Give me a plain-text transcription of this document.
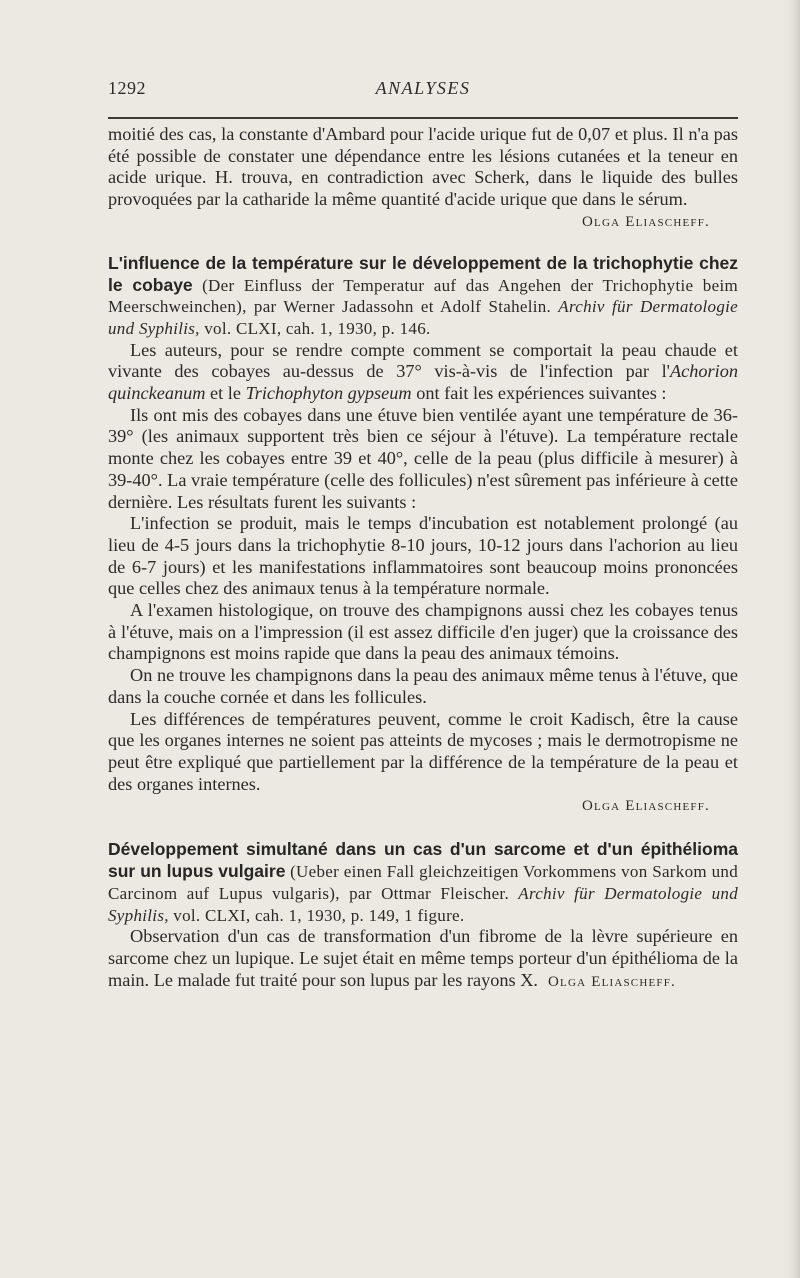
1292	ANALYSES

moitié des cas, la constante d'Ambard pour l'acide urique fut de 0,07 et plus. Il n'a pas été possible de constater une dépendance entre les lésions cutanées et la teneur en acide urique. H. trouva, en contradiction avec Scherk, dans le liquide des bulles provoquées par la catharide la même quantité d'acide urique que dans le sérum.

Olga Eliascheff.
L'influence de la température sur le développement de la trichophytie chez le cobaye (Der Einfluss der Temperatur auf das Angehen der Trichophytie beim Meerschweinchen), par Werner Jadassohn et Adolf Stahelin. Archiv für Dermatologie und Syphilis, vol. CLXI, cah. 1, 1930, p. 146.

Les auteurs, pour se rendre compte comment se comportait la peau chaude et vivante des cobayes au-dessus de 37° vis-à-vis de l'infection par l'Achorion quinckeanum et le Trichophyton gypseum ont fait les expériences suivantes :

Ils ont mis des cobayes dans une étuve bien ventilée ayant une température de 36-39° (les animaux supportent très bien ce séjour à l'étuve). La température rectale monte chez les cobayes entre 39 et 40°, celle de la peau (plus difficile à mesurer) à 39-40°. La vraie température (celle des follicules) n'est sûrement pas inférieure à cette dernière. Les résultats furent les suivants :

L'infection se produit, mais le temps d'incubation est notablement prolongé (au lieu de 4-5 jours dans la trichophytie 8-10 jours, 10-12 jours dans l'achorion au lieu de 6-7 jours) et les manifestations inflammatoires sont beaucoup moins prononcées que celles chez des animaux tenus à la température normale.

A l'examen histologique, on trouve des champignons aussi chez les cobayes tenus à l'étuve, mais on a l'impression (il est assez difficile d'en juger) que la croissance des champignons est moins rapide que dans la peau des animaux témoins.

On ne trouve les champignons dans la peau des animaux même tenus à l'étuve, que dans la couche cornée et dans les follicules.

Les différences de températures peuvent, comme le croit Kadisch, être la cause que les organes internes ne soient pas atteints de mycoses ; mais le dermotropisme ne peut être expliqué que partiellement par la différence de la température de la peau et des organes internes.

Olga Eliascheff.
Développement simultané dans un cas d'un sarcome et d'un épithélioma sur un lupus vulgaire (Ueber einen Fall gleichzeitigen Vorkommens von Sarkom und Carcinom auf Lupus vulgaris), par Ottmar Fleischer. Archiv für Dermatologie und Syphilis, vol. CLXI, cah. 1, 1930, p. 149, 1 figure.

Observation d'un cas de transformation d'un fibrome de la lèvre supérieure en sarcome chez un lupique. Le sujet était en même temps porteur d'un épithélioma de la main. Le malade fut traité pour son lupus par les rayons X. Olga Eliascheff.
